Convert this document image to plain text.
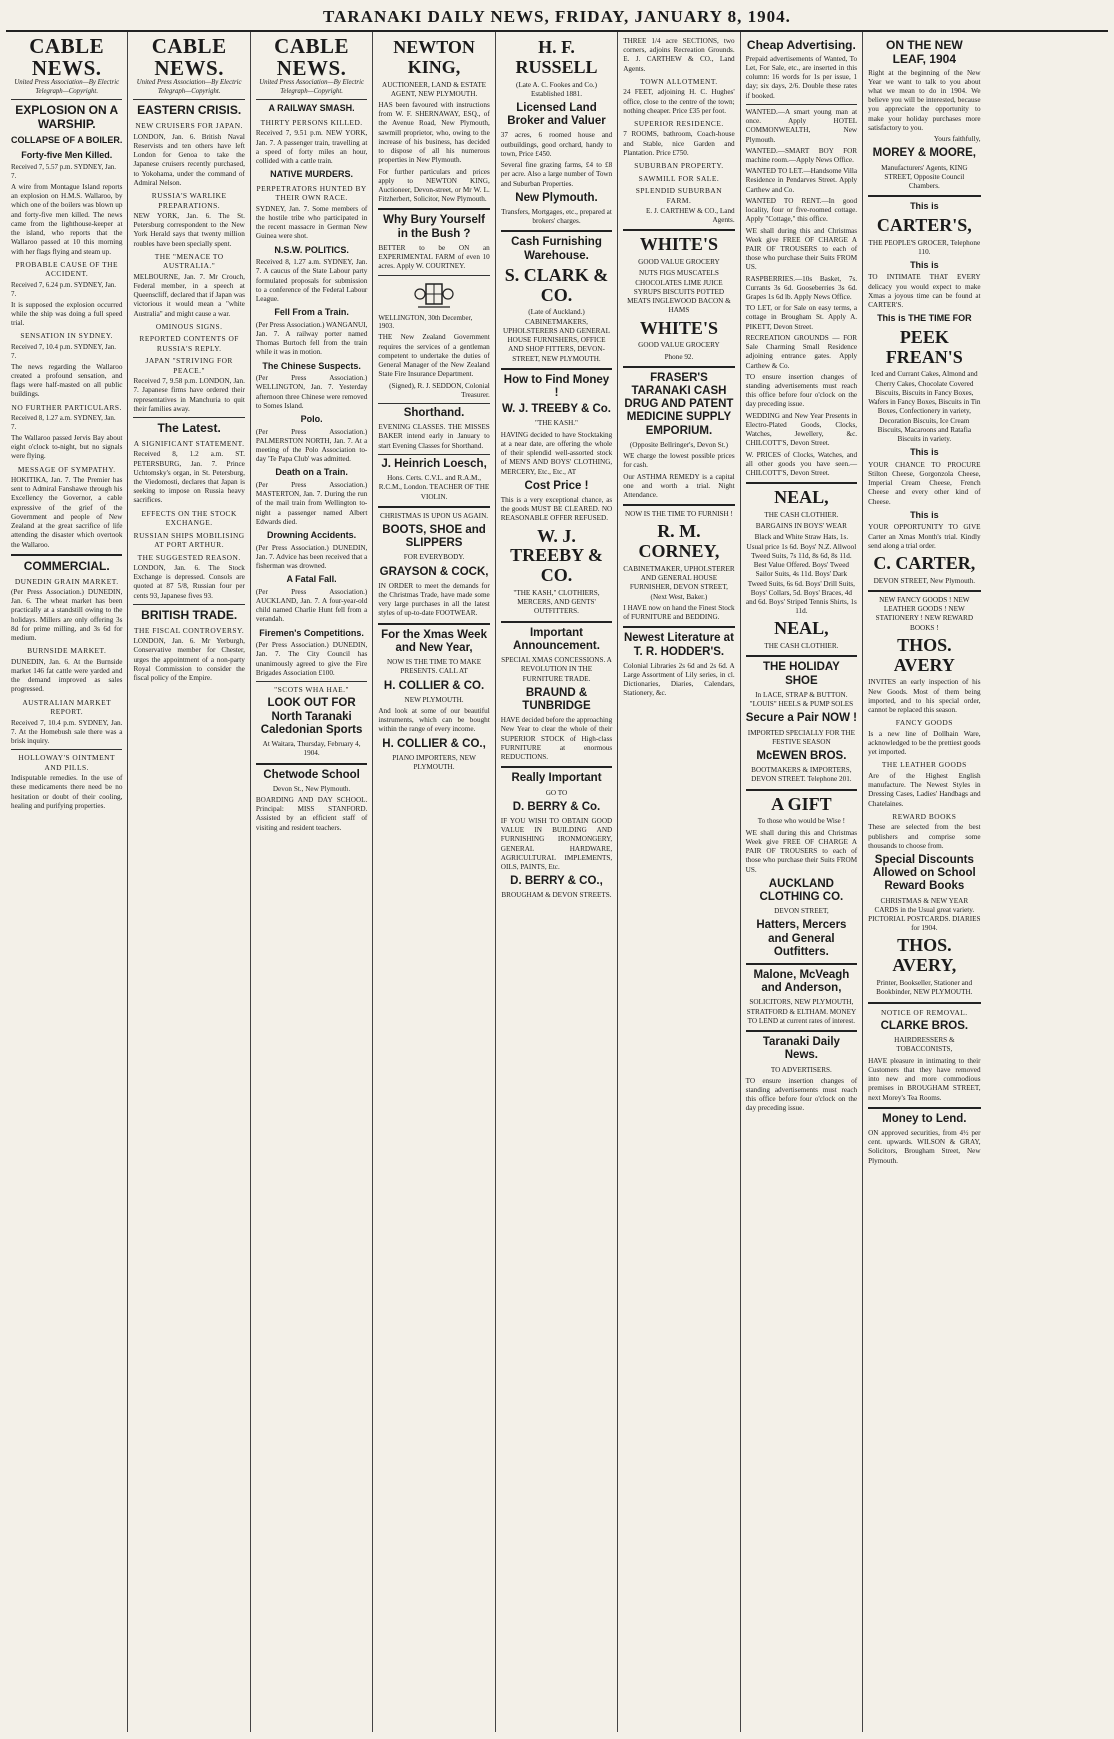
TARANAKI DAILY NEWS, FRIDAY, JANUARY 8, 1904.
CABLE NEWS.
United Press Association—By Electric Telegraph—Copyright.
EXPLOSION ON A WARSHIP.
COLLAPSE OF A BOILER.
Forty-five Men Killed.
Received 7, 5.57 p.m. SYDNEY, Jan. 7.
A wire from Montague Island reports an explosion on H.M.S. Wallaroo, by which one of the boilers was blown up and forty-five men killed. The news came from the lighthouse-keeper at the island, who reports that the Wallaroo passed at 10 this morning with her flags flying and steam up.
PROBABLE CAUSE OF THE ACCIDENT.
Received 7, 6.24 p.m. SYDNEY, Jan. 7.
It is supposed the explosion occurred while the ship was doing a full speed trial.
SENSATION IN SYDNEY.
Received 7, 10.4 p.m. SYDNEY, Jan. 7.
The news regarding the Wallaroo created a profound sensation, and flags were half-masted on all public buildings.
NO FURTHER PARTICULARS.
Received 8, 1.27 a.m. SYDNEY, Jan. 7.
The Wallaroo passed Jervis Bay about eight o'clock to-night, but no signals were flying.
MESSAGE OF SYMPATHY.
HOKITIKA, Jan. 7. The Premier has sent to Admiral Fanshawe through his Excellency the Governor, a cable expressive of the grief of the Government and people of New Zealand at the great sacrifice of life attending the disaster which overtook the Wallaroo.
COMMERCIAL.
DUNEDIN GRAIN MARKET.
(Per Press Association.) DUNEDIN, Jan. 6. The wheat market has been practically at a standstill owing to the holidays. Millers are only offering 3s 8d for prime milling, and 3s 6d for medium.
BURNSIDE MARKET.
DUNEDIN, Jan. 6. At the Burnside market 146 fat cattle were yarded and the demand improved as sales progressed.
AUSTRALIAN MARKET REPORT.
Received 7, 10.4 p.m. SYDNEY, Jan. 7. At the Homebush sale there was a brisk inquiry.
HOLLOWAY'S OINTMENT AND PILLS.
Indisputable remedies. In the use of these medicaments there need be no hesitation or doubt of their cooling, healing and purifying properties.
CABLE NEWS.
United Press Association—By Electric Telegraph—Copyright.
EASTERN CRISIS.
NEW CRUISERS FOR JAPAN.
LONDON, Jan. 6. British Naval Reservists and ten others have left London for Genoa to take the Japanese cruisers recently purchased, to Yokohama, under the command of Admiral Nelson.
RUSSIA'S WARLIKE PREPARATIONS.
NEW YORK, Jan. 6. The St. Petersburg correspondent to the New York Herald says that twenty million roubles have been specially spent.
THE "MENACE TO AUSTRALIA."
MELBOURNE, Jan. 7. Mr Crouch, Federal member, in a speech at Queenscliff, declared that if Japan was victorious it would mean a "white Australia" and might cause a war.
OMINOUS SIGNS.
REPORTED CONTENTS OF RUSSIA'S REPLY.
JAPAN "STRIVING FOR PEACE."
Received 7, 9.58 p.m. LONDON, Jan. 7. Japanese firms have ordered their representatives in Manchuria to quit their families away.
The Latest.
A SIGNIFICANT STATEMENT.
Received 8, 1.2 a.m. ST. PETERSBURG, Jan. 7. Prince Uchtomsky's organ, in St. Petersburg, the Viedomosti, declares that Japan is seeking to impose on Russia heavy sacrifices.
EFFECTS ON THE STOCK EXCHANGE.
RUSSIAN SHIPS MOBILISING AT PORT ARTHUR.
THE SUGGESTED REASON.
LONDON, Jan. 6. The Stock Exchange is depressed. Consols are quoted at 87 5/8, Russian four per cents 93, Japanese fives 93.
BRITISH TRADE.
THE FISCAL CONTROVERSY.
LONDON, Jan. 6. Mr Yerburgh, Conservative member for Chester, urges the appointment of a non-party Royal Commission to consider the fiscal policy of the Empire.
CABLE NEWS.
United Press Association—By Electric Telegraph—Copyright.
A RAILWAY SMASH.
THIRTY PERSONS KILLED.
Received 7, 9.51 p.m. NEW YORK, Jan. 7. A passenger train, travelling at a speed of forty miles an hour, collided with a cattle train.
NATIVE MURDERS.
PERPETRATORS HUNTED BY THEIR OWN RACE.
SYDNEY, Jan. 7. Some members of the hostile tribe who participated in the recent massacre in German New Guinea were shot.
N.S.W. POLITICS.
Received 8, 1.27 a.m. SYDNEY, Jan. 7. A caucus of the State Labour party formulated proposals for submission to a conference of the Federal Labour League.
Fell From a Train.
(Per Press Association.) WANGANUI, Jan. 7. A railway porter named Thomas Burtoch fell from the train while it was in motion.
The Chinese Suspects.
(Per Press Association.) WELLINGTON, Jan. 7. Yesterday afternoon three Chinese were removed to Somes Island.
Polo.
(Per Press Association.) PALMERSTON NORTH, Jan. 7. At a meeting of the Polo Association to-day 'Te Papa Club' was admitted.
Death on a Train.
(Per Press Association.) MASTERTON, Jan. 7. During the run of the mail train from Wellington to-night a passenger named Albert Edwards died.
Drowning Accidents.
(Per Press Association.) DUNEDIN, Jan. 7. Advice has been received that a fisherman was drowned.
A Fatal Fall.
(Per Press Association.) AUCKLAND, Jan. 7. A four-year-old child named Charlie Hunt fell from a verandah.
Firemen's Competitions.
(Per Press Association.) DUNEDIN, Jan. 7. The City Council has unanimously agreed to give the Fire Brigades Association £100.
"SCOTS WHA HAE."
LOOK OUT FOR North Taranaki Caledonian Sports
At Waitara, Thursday, February 4, 1904.
Chetwode School
Devon St., New Plymouth.
BOARDING AND DAY SCHOOL. Principal: MISS STANFORD. Assisted by an efficient staff of visiting and resident teachers.
NEWTON KING,
AUCTIONEER, LAND & ESTATE AGENT, NEW PLYMOUTH.
HAS been favoured with instructions from W. F. SHERNAWAY, ESQ., of the Avenue Road, New Plymouth, sawmill proprietor, who, owing to the increase of his business, has decided to dispose of all his numerous properties in New Plymouth.
For further particulars and prices apply to NEWTON KING, Auctioneer, Devon-street, or Mr W. L. Fitzherbert, Solicitor, New Plymouth.
Why Bury Yourself in the Bush ?
BETTER to be ON an EXPERIMENTAL FARM of even 10 acres. Apply W. COURTNEY.
WELLINGTON, 30th December, 1903.
THE New Zealand Government requires the services of a gentleman competent to undertake the duties of General Manager of the New Zealand State Fire Insurance Department.
(Signed), R. J. SEDDON, Colonial Treasurer.
Shorthand.
EVENING CLASSES. THE MISSES BAKER intend early in January to start Evening Classes for Shorthand.
J. Heinrich Loesch,
Hons. Certs. C.V.L. and R.A.M., R.C.M., London. TEACHER OF THE VIOLIN.
CHRISTMAS IS UPON US AGAIN.
BOOTS, SHOE and SLIPPERS
FOR EVERYBODY.
GRAYSON & COCK,
IN ORDER to meet the demands for the Christmas Trade, have made some very large purchases in all the latest styles of up-to-date FOOTWEAR.
For the Xmas Week and New Year,
NOW IS THE TIME TO MAKE PRESENTS. CALL AT
H. COLLIER & CO.
NEW PLYMOUTH.
And look at some of our beautiful instruments, which can be bought within the range of every income.
H. COLLIER & CO.,
PIANO IMPORTERS, NEW PLYMOUTH.
H. F. RUSSELL
(Late A. C. Fookes and Co.) Established 1881.
Licensed Land Broker and Valuer
37 acres, 6 roomed house and outbuildings, good orchard, handy to town, Price £450.
Several fine grazing farms, £4 to £8 per acre. Also a large number of Town and Suburban Properties.
New Plymouth.
Transfers, Mortgages, etc., prepared at brokers' charges.
Cash Furnishing Warehouse.
S. CLARK & CO.
(Late of Auckland.) CABINETMAKERS, UPHOLSTERERS AND GENERAL HOUSE FURNISHERS, OFFICE AND SHOP FITTERS, DEVON-STREET, NEW PLYMOUTH.
How to Find Money !
W. J. TREEBY & Co.
"THE KASH."
HAVING decided to have Stocktaking at a near date, are offering the whole of their splendid well-assorted stock of MEN'S AND BOYS' CLOTHING, MERCERY, Etc., Etc., AT
Cost Price !
This is a very exceptional chance, as the goods MUST BE CLEARED. NO REASONABLE OFFER REFUSED.
W. J. TREEBY & CO.
"THE KASH," CLOTHIERS, MERCERS, AND GENTS' OUTFITTERS.
Important Announcement.
SPECIAL XMAS CONCESSIONS. A REVOLUTION IN THE FURNITURE TRADE.
BRAUND & TUNBRIDGE
HAVE decided before the approaching New Year to clear the whole of their SUPERIOR STOCK of High-class FURNITURE at enormous REDUCTIONS.
Really Important
GO TO
D. BERRY & Co.
IF YOU WISH TO OBTAIN GOOD VALUE IN BUILDING AND FURNISHING IRONMONGERY, GENERAL HARDWARE, AGRICULTURAL IMPLEMENTS, OILS, PAINTS, Etc.
D. BERRY & CO.,
BROUGHAM & DEVON STREETS.
THREE 1/4 acre SECTIONS, two corners, adjoins Recreation Grounds. E. J. CARTHEW & CO., Land Agents.
TOWN ALLOTMENT.
24 FEET, adjoining H. C. Hughes' office, close to the centre of the town; nothing cheaper. Price £35 per foot.
SUPERIOR RESIDENCE.
7 ROOMS, bathroom, Coach-house and Stable, nice Garden and Plantation. Price £750.
SUBURBAN PROPERTY.
SAWMILL FOR SALE.
SPLENDID SUBURBAN FARM.
E. J. CARTHEW & CO., Land Agents.
WHITE'S
GOOD VALUE GROCERY
NUTS FIGS MUSCATELS CHOCOLATES LIME JUICE SYRUPS BISCUITS POTTED MEATS INGLEWOOD BACON & HAMS
WHITE'S
GOOD VALUE GROCERY
Phone 92.
FRASER'S TARANAKI CASH DRUG AND PATENT MEDICINE SUPPLY EMPORIUM.
(Opposite Bellringer's, Devon St.)
WE charge the lowest possible prices for cash.
Our ASTHMA REMEDY is a capital one and worth a trial. Night Attendance.
NOW IS THE TIME TO FURNISH !
R. M. CORNEY,
CABINETMAKER, UPHOLSTERER AND GENERAL HOUSE FURNISHER, DEVON STREET, (Next West, Baker.)
I HAVE now on hand the Finest Stock of FURNITURE and BEDDING.
Newest Literature at T. R. HODDER'S.
Colonial Libraries 2s 6d and 2s 6d. A Large Assortment of Lily series, in cl. Dictionaries, Diaries, Calendars, Stationery, &c.
Cheap Advertising.
Prepaid advertisements of Wanted, To Let, For Sale, etc., are inserted in this column: 16 words for 1s per issue, 1 day; six days, 2/6. Double these rates if booked.
WANTED.—A smart young man at once. Apply HOTEL COMMONWEALTH, New Plymouth.
WANTED.—SMART BOY FOR machine room.—Apply News Office.
WANTED TO LET.—Handsome Villa Residence in Pendarves Street. Apply Carthew and Co.
WANTED TO RENT.—In good locality, four or five-roomed cottage. Apply "Cottage," this office.
WE shall during this and Christmas Week give FREE OF CHARGE A PAIR OF TROUSERS to each of those who purchase their Suits FROM US.
RASPBERRIES.—10s Basket, 7s. Currants 3s 6d. Gooseberries 3s 6d. Grapes 1s 6d lb. Apply News Office.
TO LET, or for Sale on easy terms, a cottage in Brougham St. Apply A. PIKETT, Devon Street.
RECREATION GROUNDS — FOR Sale Charming Small Residence adjoining entrance gates. Apply Carthew & Co.
TO ensure insertion changes of standing advertisements must reach this office before four o'clock on the day preceding issue.
WEDDING and New Year Presents in Electro-Plated Goods, Clocks, Watches, Jewellery, &c. CHILCOTT'S, Devon Street.
W. PRICES of Clocks, Watches, and all other goods you have seen.—CHILCOTT'S, Devon Street.
NEAL,
THE CASH CLOTHIER.
BARGAINS IN BOYS' WEAR
Black and White Straw Hats, 1s. Usual price 1s 6d. Boys' N.Z. Allwool Tweed Suits, 7s 11d, 8s 6d, 8s 11d. Best Value Offered. Boys' Tweed Sailor Suits, 4s 11d. Boys' Dark Tweed Suits, 6s 6d. Boys' Drill Suits, Boys' Collars, 5d. Boys' Braces, 4d and 6d. Boys' Striped Tennis Shirts, 1s 11d.
NEAL,
THE CASH CLOTHIER.
THE HOLIDAY SHOE
In LACE, STRAP & BUTTON. "LOUIS" HEELS & PUMP SOLES
Secure a Pair NOW !
IMPORTED SPECIALLY FOR THE FESTIVE SEASON
McEWEN BROS.
BOOTMAKERS & IMPORTERS, DEVON STREET. Telephone 201.
A GIFT
To those who would be Wise !
WE shall during this and Christmas Week give FREE OF CHARGE A PAIR OF TROUSERS to each of those who purchase their Suits FROM US.
AUCKLAND CLOTHING CO.
DEVON STREET,
Hatters, Mercers and General Outfitters.
Malone, McVeagh and Anderson,
SOLICITORS, NEW PLYMOUTH, STRATFORD & ELTHAM. MONEY TO LEND at current rates of interest.
Taranaki Daily News.
TO ADVERTISERS.
TO ensure insertion changes of standing advertisements must reach this office before four o'clock on the day preceding issue.
ON THE NEW LEAF, 1904
Right at the beginning of the New Year we want to talk to you about what we mean to do in 1904. We believe you will be interested, because you appreciate the opportunity to make your holiday purchases more satisfactory to you.
Yours faithfully,
MOREY & MOORE,
Manufacturers' Agents, KING STREET, Opposite Council Chambers.
This is
CARTER'S,
THE PEOPLE'S GROCER, Telephone 110.
This is
TO INTIMATE THAT EVERY delicacy you would expect to make Xmas a joyous time can be found at CARTER'S.
This is THE TIME FOR
PEEK FREAN'S
Iced and Currant Cakes, Almond and Cherry Cakes, Chocolate Covered Biscuits, Biscuits in Fancy Boxes, Wafers in Fancy Boxes, Biscuits in Tin Boxes, Confectionery in variety, Decoration Biscuits, Ice Cream Biscuits, Macaroons and Ratafia Biscuits in variety.
This is
YOUR CHANCE TO PROCURE Stilton Cheese, Gorgonzola Cheese, Imperial Cream Cheese, French Cheese and every other kind of Cheese.
This is
YOUR OPPORTUNITY TO GIVE Carter an Xmas Month's trial. Kindly send along a trial order.
C. CARTER,
DEVON STREET, New Plymouth.
NEW FANCY GOODS ! NEW LEATHER GOODS ! NEW STATIONERY ! NEW REWARD BOOKS !
THOS. AVERY
INVITES an early inspection of his New Goods. Most of them being imported, and to his special order, cannot be replaced this season.
FANCY GOODS
Is a new line of Dollhain Ware, acknowledged to be the prettiest goods yet imported.
THE LEATHER GOODS
Are of the Highest English manufacture. The Newest Styles in Dressing Cases, Ladies' Handbags and Chatelaines.
REWARD BOOKS
These are selected from the best publishers and comprise some thousands to choose from.
Special Discounts Allowed on School Reward Books
CHRISTMAS & NEW YEAR CARDS in the Usual great variety. PICTORIAL POSTCARDS. DIARIES for 1904.
THOS. AVERY,
Printer, Bookseller, Stationer and Bookbinder, NEW PLYMOUTH.
NOTICE OF REMOVAL.
CLARKE BROS.
HAIRDRESSERS & TOBACCONISTS,
HAVE pleasure in intimating to their Customers that they have removed into new and more commodious premises in BROUGHAM STREET, next Morey's Tea Rooms.
Money to Lend.
ON approved securities, from 4½ per cent. upwards. WILSON & GRAY, Solicitors, Brougham Street, New Plymouth.
